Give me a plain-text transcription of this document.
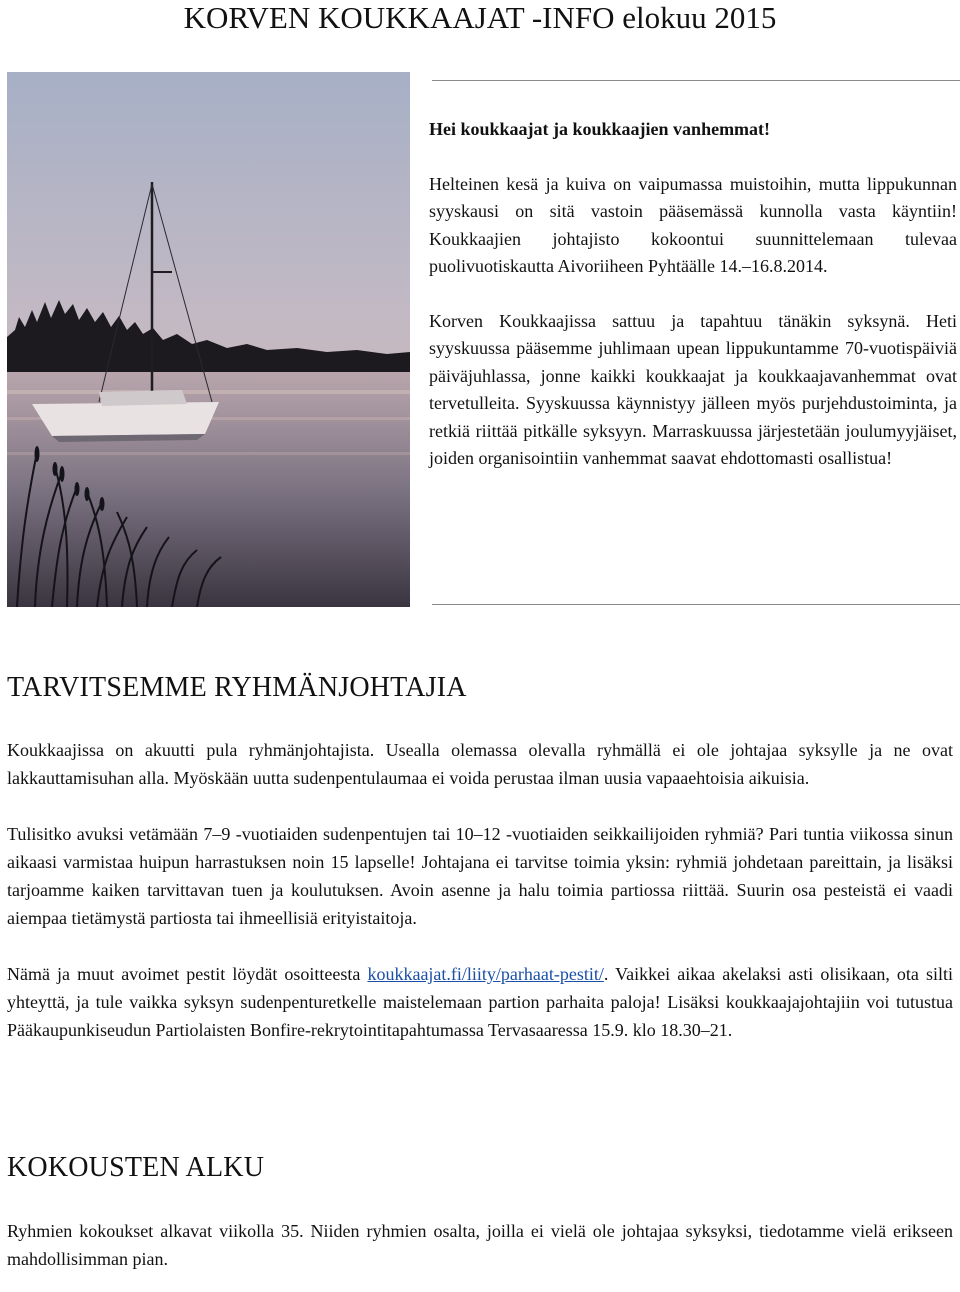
KORVEN KOUKKAAJAT -INFO elokuu 2015

Hei koukkaajat ja koukkaajien vanhemmat!

Helteinen kesä ja kuiva on vaipumassa muistoihin, mutta lippukunnan syyskausi on sitä vastoin pääsemässä kunnolla vasta käyntiin! Koukkaajien johtajisto kokoontui suunnittelemaan tulevaa puolivuotiskautta Aivoriiheen Pyhtäälle 14.–16.8.2014.

Korven Koukkaajissa sattuu ja tapahtuu tänäkin syksynä. Heti syyskuussa pääsemme juhlimaan upean lippukuntamme 70-vuotispäiviä päiväjuhlassa, jonne kaikki koukkaajat ja koukkaajavanhemmat ovat tervetulleita. Syyskuussa käynnistyy jälleen myös purjehdustoiminta, ja retkiä riittää pitkälle syksyyn. Marraskuussa järjestetään joulumyyjäiset, joiden organisointiin vanhemmat saavat ehdottomasti osallistua!

TARVITSEMME RYHMÄNJOHTAJIA

Koukkaajissa on akuutti pula ryhmänjohtajista. Usealla olemassa olevalla ryhmällä ei ole johtajaa syksylle ja ne ovat lakkauttamisuhan alla. Myöskään uutta sudenpentulaumaa ei voida perustaa ilman uusia vapaaehtoisia aikuisia.

Tulisitko avuksi vetämään 7–9 -vuotiaiden sudenpentujen tai 10–12 -vuotiaiden seikkailijoiden ryhmiä? Pari tuntia viikossa sinun aikaasi varmistaa huipun harrastuksen noin 15 lapselle! Johtajana ei tarvitse toimia yksin: ryhmiä johdetaan pareittain, ja lisäksi tarjoamme kaiken tarvittavan tuen ja koulutuksen. Avoin asenne ja halu toimia partiossa riittää. Suurin osa pesteistä ei vaadi aiempaa tietämystä partiosta tai ihmeellisiä erityistaitoja.

Nämä ja muut avoimet pestit löydät osoitteesta koukkaajat.fi/liity/parhaat-pestit/. Vaikkei aikaa akelaksi asti olisikaan, ota silti yhteyttä, ja tule vaikka syksyn sudenpenturetkelle maistelemaan partion parhaita paloja! Lisäksi koukkaajajohtajiin voi tutustua Pääkaupunkiseudun Partiolaisten Bonfire-rekrytointitapahtumassa Tervasaaressa 15.9. klo 18.30–21.

KOKOUSTEN ALKU

Ryhmien kokoukset alkavat viikolla 35. Niiden ryhmien osalta, joilla ei vielä ole johtajaa syksyksi, tiedotamme vielä erikseen mahdollisimman pian.
